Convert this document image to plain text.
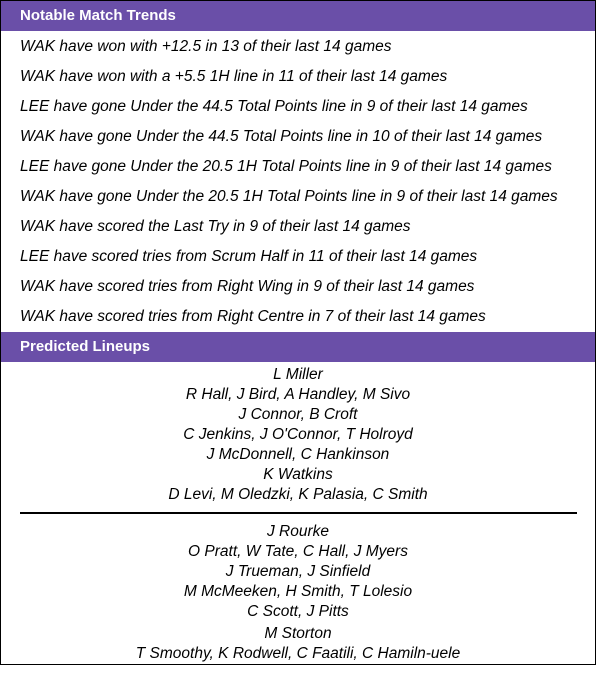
Notable Match Trends
WAK have won with +12.5 in 13 of their last 14 games
WAK have won with a +5.5 1H line in 11 of their last 14 games
LEE have gone Under the 44.5 Total Points line in 9 of their last 14 games
WAK have gone Under the 44.5 Total Points line in 10 of their last 14 games
LEE have gone Under the 20.5 1H Total Points line in 9 of their last 14 games
WAK have gone Under the 20.5 1H Total Points line in 9 of their last 14 games
WAK have scored the Last Try in 9 of their last 14 games
LEE have scored tries from Scrum Half in 11 of their last 14 games
WAK have scored tries from Right Wing in 9 of their last 14 games
WAK have scored tries from Right Centre in 7 of their last 14 games
Predicted Lineups
L Miller
R Hall, J Bird, A Handley, M Sivo
J Connor, B Croft
C Jenkins, J O'Connor, T Holroyd
J McDonnell, C Hankinson
K Watkins
D Levi, M Oledzki, K Palasia, C Smith
J Rourke
O Pratt, W Tate, C Hall, J Myers
J Trueman, J Sinfield
M McMeeken, H Smith, T Lolesio
C Scott, J Pitts
M Storton
T Smoothy, K Rodwell, C Faatili, C Hamiln-uele
